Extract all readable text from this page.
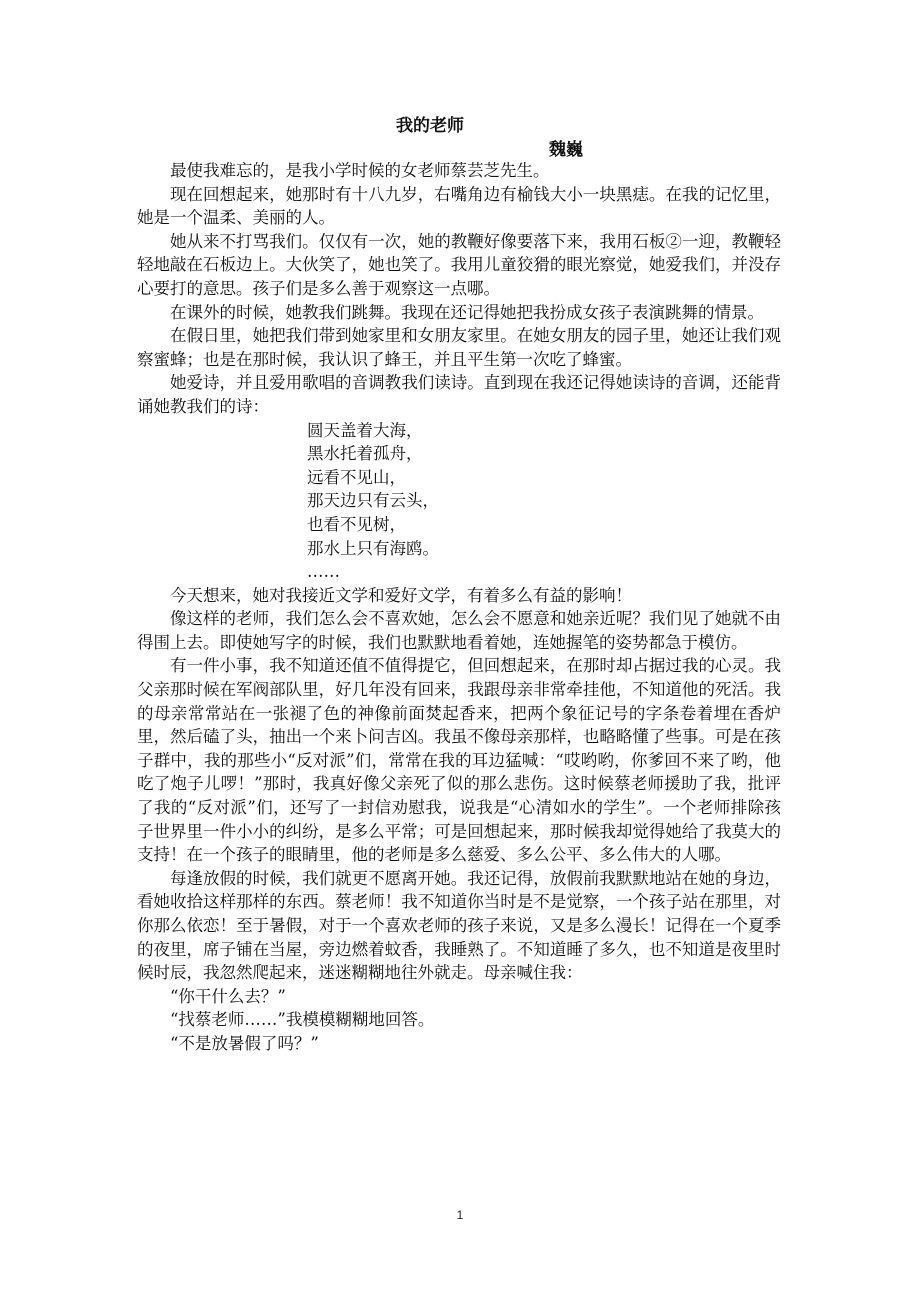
我的老师
魏巍

最使我难忘的，是我小学时候的女老师蔡芸芝先生。

现在回想起来，她那时有十八九岁，右嘴角边有榆钱大小一块黑痣。在我的记忆里，她是一个温柔、美丽的人。

她从来不打骂我们。仅仅有一次，她的教鞭好像要落下来，我用石板②一迎，教鞭轻轻地敲在石板边上。大伙笑了，她也笑了。我用儿童狡猾的眼光察觉，她爱我们，并没存心要打的意思。孩子们是多么善于观察这一点哪。

在课外的时候，她教我们跳舞。我现在还记得她把我扮成女孩子表演跳舞的情景。

在假日里，她把我们带到她家里和女朋友家里。在她女朋友的园子里，她还让我们观察蜜蜂；也是在那时候，我认识了蜂王，并且平生第一次吃了蜂蜜。

她爱诗，并且爱用歌唱的音调教我们读诗。直到现在我还记得她读诗的音调，还能背诵她教我们的诗：

圆天盖着大海，
黑水托着孤舟，
远看不见山，
那天边只有云头，
也看不见树，
那水上只有海鸥。
……

今天想来，她对我接近文学和爱好文学，有着多么有益的影响！

像这样的老师，我们怎么会不喜欢她，怎么会不愿意和她亲近呢？我们见了她就不由得围上去。即使她写字的时候，我们也默默地看着她，连她握笔的姿势都急于模仿。

有一件小事，我不知道还值不值得提它，但回想起来，在那时却占据过我的心灵。我父亲那时候在军阀部队里，好几年没有回来，我跟母亲非常牵挂他，不知道他的死活。我的母亲常常站在一张褪了色的神像前面焚起香来，把两个象征记号的字条卷着埋在香炉里，然后磕了头，抽出一个来卜问吉凶。我虽不像母亲那样，也略略懂了些事。可是在孩子群中，我的那些小“反对派”们，常常在我的耳边猛喊：“哎哟哟，你爹回不来了哟，他吃了炮子儿啰！”那时，我真好像父亲死了似的那么悲伤。这时候蔡老师援助了我，批评了我的“反对派”们，还写了一封信劝慰我，说我是“心清如水的学生”。一个老师排除孩子世界里一件小小的纠纷，是多么平常；可是回想起来，那时候我却觉得她给了我莫大的支持！在一个孩子的眼睛里，他的老师是多么慈爱、多么公平、多么伟大的人哪。

每逢放假的时候，我们就更不愿离开她。我还记得，放假前我默默地站在她的身边，看她收拾这样那样的东西。蔡老师！我不知道你当时是不是觉察，一个孩子站在那里，对你那么依恋！至于暑假，对于一个喜欢老师的孩子来说，又是多么漫长！记得在一个夏季的夜里，席子铺在当屋，旁边燃着蚊香，我睡熟了。不知道睡了多久，也不知道是夜里时候时辰，我忽然爬起来，迷迷糊糊地往外就走。母亲喊住我：

“你干什么去？”

“找蔡老师……”我模模糊糊地回答。

“不是放暑假了吗？”

1
